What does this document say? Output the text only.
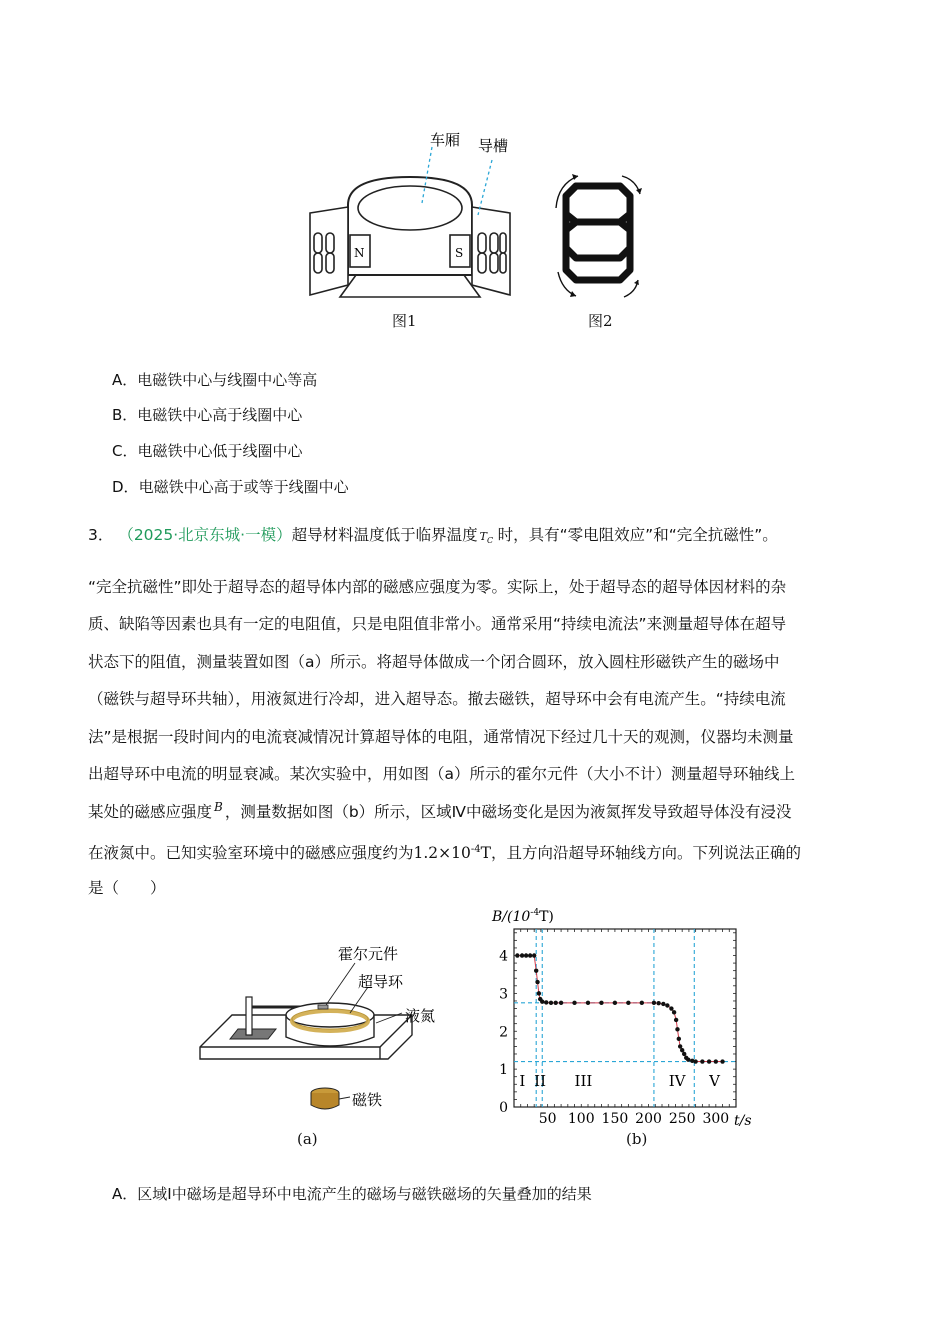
N	S
车厢 导槽
图1	图2
A．电磁铁中心与线圈中心等高
B．电磁铁中心高于线圈中心
C．电磁铁中心低于线圈中心
D．电磁铁中心高于或等于线圈中心
3． （2025·北京东城·一模）超导材料温度低于临界温度 $T_C$ 时，具有“零电阻效应”和“完全抗磁性”。
“完全抗磁性”即处于超导态的超导体内部的磁感应强度为零。实际上，处于超导态的超导体因材料的杂
质、缺陷等因素也具有一定的电阻值，只是电阻值非常小。通常采用“持续电流法”来测量超导体在超导
状态下的阻值，测量装置如图（a）所示。将超导体做成一个闭合圆环，放入圆柱形磁铁产生的磁场中
（磁铁与超导环共轴），用液氮进行冷却，进入超导态。撤去磁铁，超导环中会有电流产生。“持续电流
法”是根据一段时间内的电流衰减情况计算超导体的电阻，通常情况下经过几十天的观测，仪器均未测量
出超导环中电流的明显衰减。某次实验中，用如图（a）所示的霍尔元件（大小不计）测量超导环轴线上
某处的磁感应强度 $^B$ ，测量数据如图（b）所示，区域Ⅳ中磁场变化是因为液氮挥发导致超导体没有浸没
在液氮中。已知实验室环境中的磁感应强度约为$1.2\times 10^{-4}T$，且方向沿超导环轴线方向。下列说法正确的
是（　　）
霍尔元件
超导环
液氮
磁铁
(a)
$B/(10^{-4}T)$
t/s
50 100 150 200 250 300
0
1
2
3
4
I II III	IV V
(b)
A．区域Ⅰ中磁场是超导环中电流产生的磁场与磁铁磁场的矢量叠加的结果
